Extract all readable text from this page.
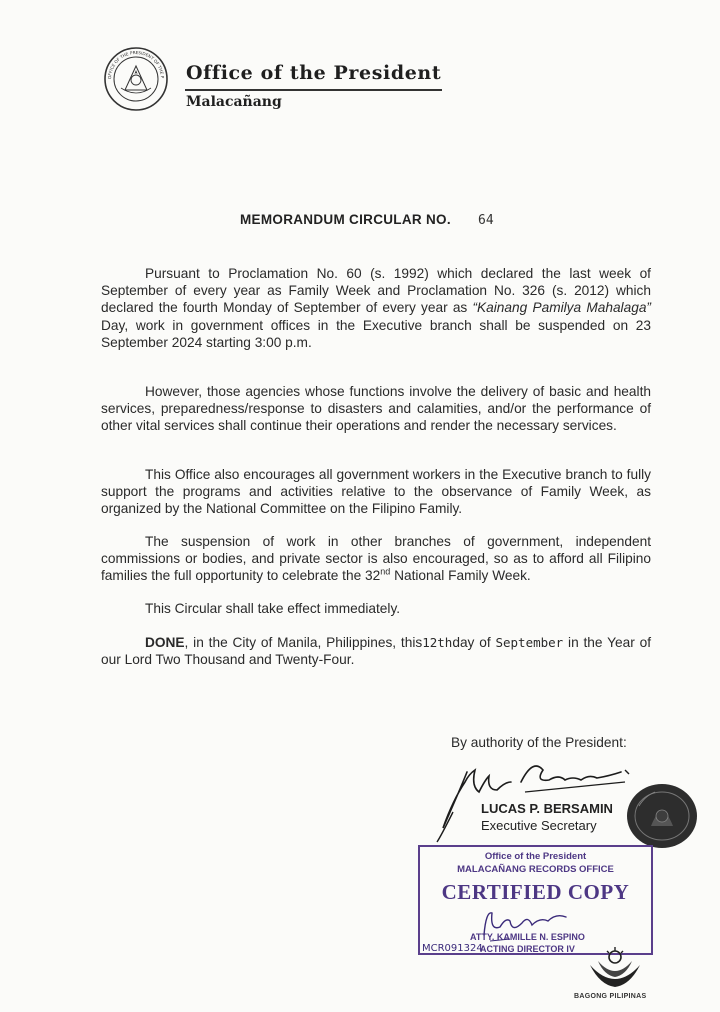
OFFICE OF THE PRESIDENT OF THE P Office of the President
Malacañang
MEMORANDUM CIRCULAR NO. 64

Pursuant to Proclamation No. 60 (s. 1992) which declared the last week of September of every year as Family Week and Proclamation No. 326 (s. 2012) which declared the fourth Monday of September of every year as “Kainang Pamilya Mahalaga” Day, work in government offices in the Executive branch shall be suspended on 23 September 2024 starting 3:00 p.m.

However, those agencies whose functions involve the delivery of basic and health services, preparedness/response to disasters and calamities, and/or the performance of other vital services shall continue their operations and render the necessary services.

This Office also encourages all government workers in the Executive branch to fully support the programs and activities relative to the observance of Family Week, as organized by the National Committee on the Filipino Family.

The suspension of work in other branches of government, independent commissions or bodies, and private sector is also encouraged, so as to afford all Filipino families the full opportunity to celebrate the 32nd National Family Week.

This Circular shall take effect immediately.

DONE, in the City of Manila, Philippines, this12thday of September in the Year of our Lord Two Thousand and Twenty-Four.

By authority of the President:
LUCAS P. BERSAMIN
Executive Secretary
Office of the President
MALACAÑANG RECORDS OFFICE
CERTIFIED COPY
ATTY. KAMILLE N. ESPINO
ACTING DIRECTOR IV
MCR091324
BAGONG PILIPINAS
